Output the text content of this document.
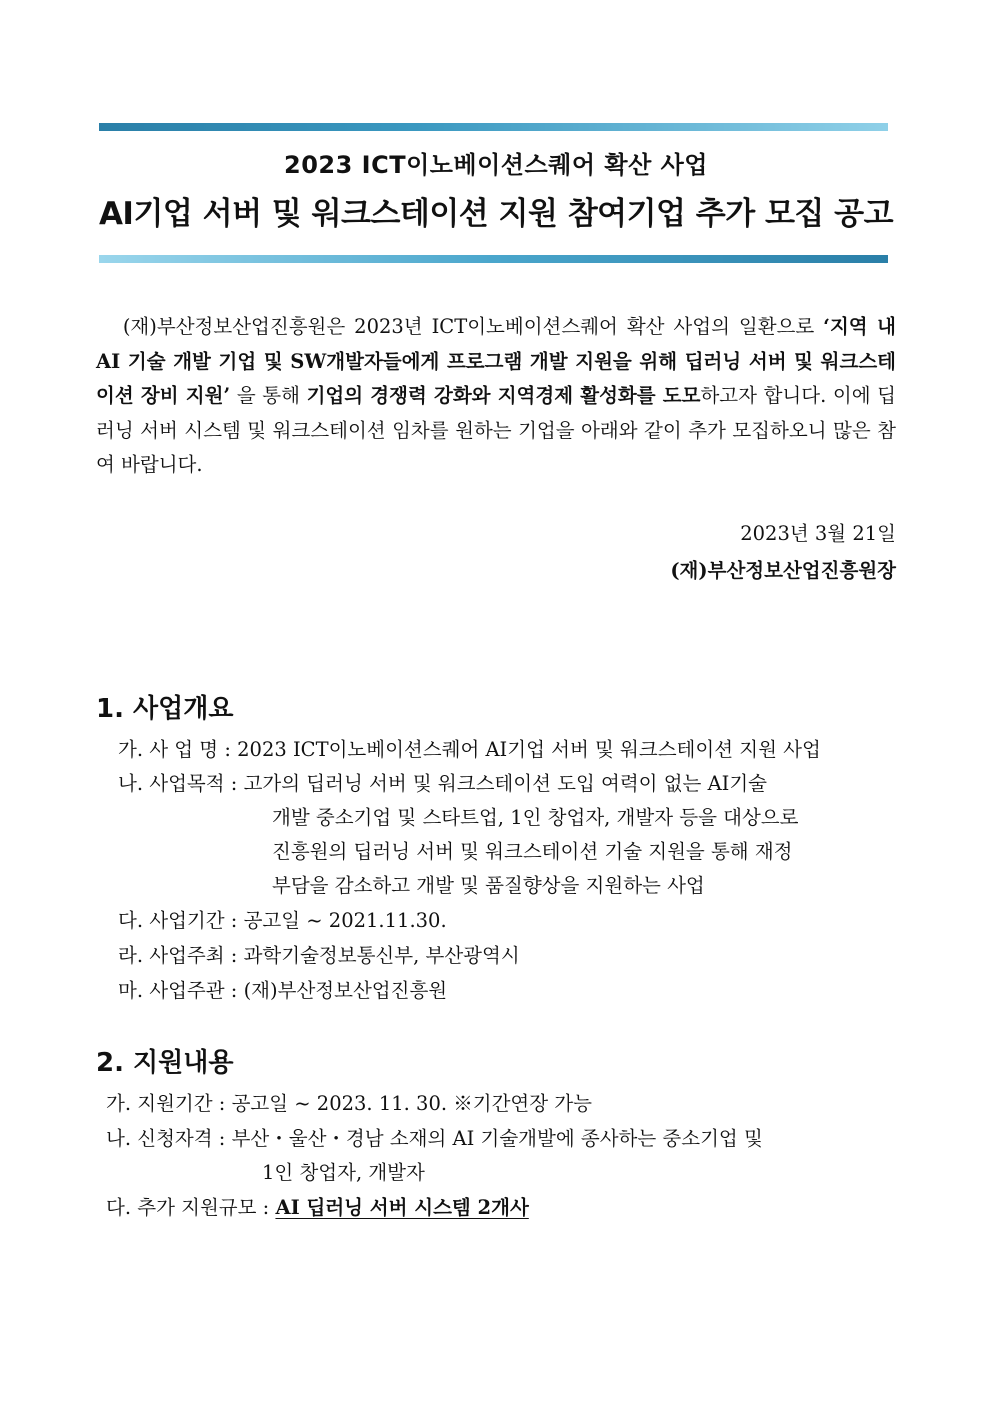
2023 ICT이노베이션스퀘어 확산 사업
AI기업 서버 및 워크스테이션 지원 참여기업 추가 모집 공고
(재)부산정보산업진흥원은 2023년 ICT이노베이션스퀘어 확산 사업의 일환으로 ‘지역 내 AI 기술 개발 기업 및 SW개발자들에게 프로그램 개발 지원을 위해 딥러닝 서버 및 워크스테이션 장비 지원’ 을 통해 기업의 경쟁력 강화와 지역경제 활성화를 도모하고자 합니다. 이에 딥러닝 서버 시스템 및 워크스테이션 임차를 원하는 기업을 아래와 같이 추가 모집하오니 많은 참여 바랍니다.
2023년 3월 21일
(재)부산정보산업진흥원장
1. 사업개요
가. 사 업 명 : 2023 ICT이노베이션스퀘어 AI기업 서버 및 워크스테이션 지원 사업
나. 사업목적 : 고가의 딥러닝 서버 및 워크스테이션 도입 여력이 없는 AI기술
개발 중소기업 및 스타트업, 1인 창업자, 개발자 등을 대상으로
진흥원의 딥러닝 서버 및 워크스테이션 기술 지원을 통해 재정
부담을 감소하고 개발 및 품질향상을 지원하는 사업
다. 사업기간 : 공고일 ~ 2021.11.30.
라. 사업주최 : 과학기술정보통신부, 부산광역시
마. 사업주관 : (재)부산정보산업진흥원
2. 지원내용
가. 지원기간 : 공고일 ~ 2023. 11. 30. ※기간연장 가능
나. 신청자격 : 부산・울산・경남 소재의 AI 기술개발에 종사하는 중소기업 및
1인 창업자, 개발자
다. 추가 지원규모 : AI 딥러닝 서버 시스템 2개사
